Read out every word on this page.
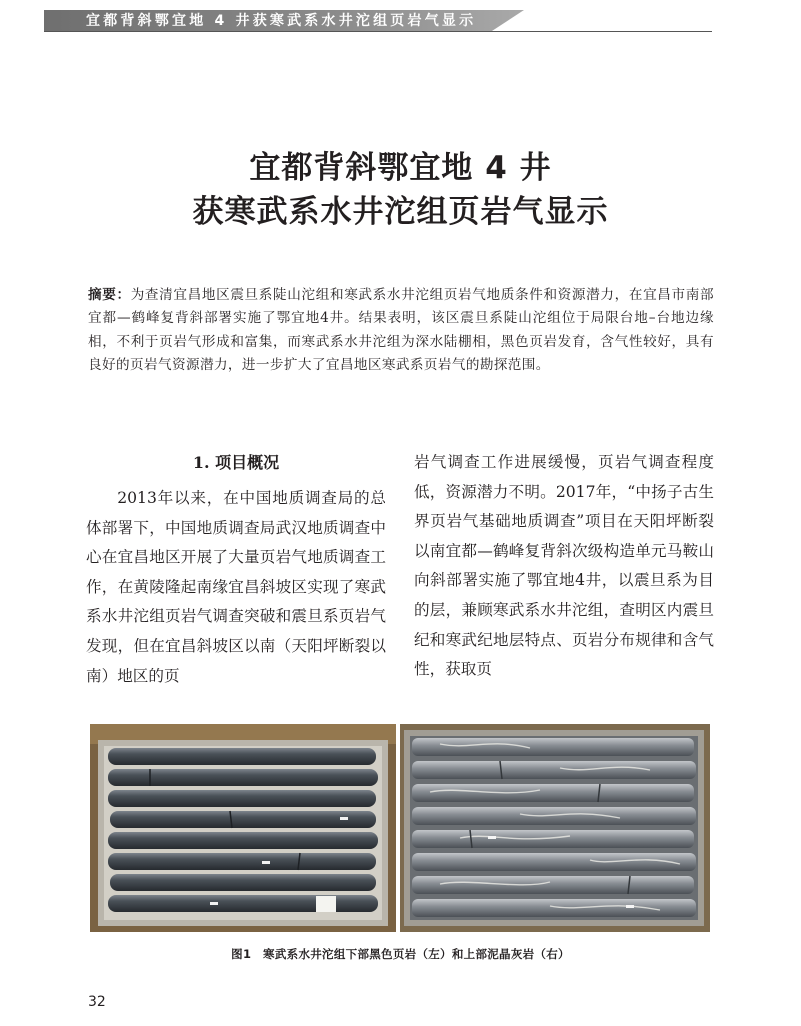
宜都背斜鄂宜地 4 井获寒武系水井沱组页岩气显示
宜都背斜鄂宜地 4 井
获寒武系水井沱组页岩气显示
摘要：为查清宜昌地区震旦系陡山沱组和寒武系水井沱组页岩气地质条件和资源潜力，在宜昌市南部宜都—鹤峰复背斜部署实施了鄂宜地4井。结果表明，该区震旦系陡山沱组位于局限台地–台地边缘相，不利于页岩气形成和富集，而寒武系水井沱组为深水陆棚相，黑色页岩发育，含气性较好，具有良好的页岩气资源潜力，进一步扩大了宜昌地区寒武系页岩气的勘探范围。
1. 项目概况

2013年以来，在中国地质调查局的总体部署下，中国地质调查局武汉地质调查中心在宜昌地区开展了大量页岩气地质调查工作，在黄陵隆起南缘宜昌斜坡区实现了寒武系水井沱组页岩气调查突破和震旦系页岩气发现，但在宜昌斜坡区以南（天阳坪断裂以南）地区的页

岩气调查工作进展缓慢，页岩气调查程度低，资源潜力不明。2017年，“中扬子古生界页岩气基础地质调查”项目在天阳坪断裂以南宜都—鹤峰复背斜次级构造单元马鞍山向斜部署实施了鄂宜地4井，以震旦系为目的层，兼顾寒武系水井沱组，查明区内震旦纪和寒武纪地层特点、页岩分布规律和含气性，获取页

图1　寒武系水井沱组下部黑色页岩（左）和上部泥晶灰岩（右）
32
